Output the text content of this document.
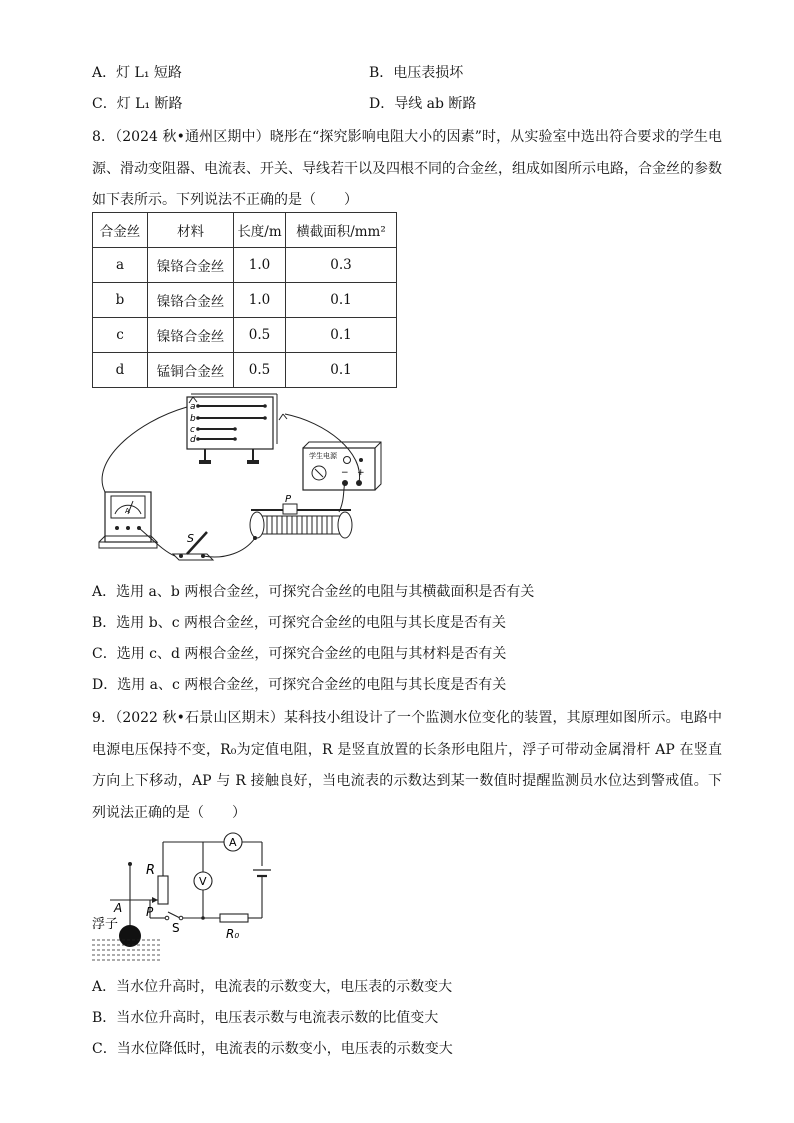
A．灯 L₁ 短路	B．电压表损坏
C．灯 L₁ 断路	D．导线 ab 断路
8．（2024 秋•通州区期中）晓彤在“探究影响电阻大小的因素”时，从实验室中选出符合要求的学生电源、滑动变阻器、电流表、开关、导线若干以及四根不同的合金丝，组成如图所示电路，合金丝的参数如下表所示。下列说法不正确的是（　　）
合金丝	材料	长度/m	横截面积/mm²
a	镍铬合金丝	1.0	0.3
b	镍铬合金丝	1.0	0.1
c	镍铬合金丝	0.5	0.1
d	锰铜合金丝	0.5	0.1
a
b
c
d
学生电源
− +
A
S
P
A．选用 a、b 两根合金丝，可探究合金丝的电阻与其横截面积是否有关
B．选用 b、c 两根合金丝，可探究合金丝的电阻与其长度是否有关
C．选用 c、d 两根合金丝，可探究合金丝的电阻与其材料是否有关
D．选用 a、c 两根合金丝，可探究合金丝的电阻与其长度是否有关
9．（2022 秋•石景山区期末）某科技小组设计了一个监测水位变化的装置，其原理如图所示。电路中电源电压保持不变，R₀为定值电阻，R 是竖直放置的长条形电阻片，浮子可带动金属滑杆 AP 在竖直方向上下移动，AP 与 R 接触良好，当电流表的示数达到某一数值时提醒监测员水位达到警戒值。下列说法正确的是（　　）
A
V
R
A P
浮子	S	R₀
A．当水位升高时，电流表的示数变大，电压表的示数变大
B．当水位升高时，电压表示数与电流表示数的比值变大
C．当水位降低时，电流表的示数变小，电压表的示数变大
